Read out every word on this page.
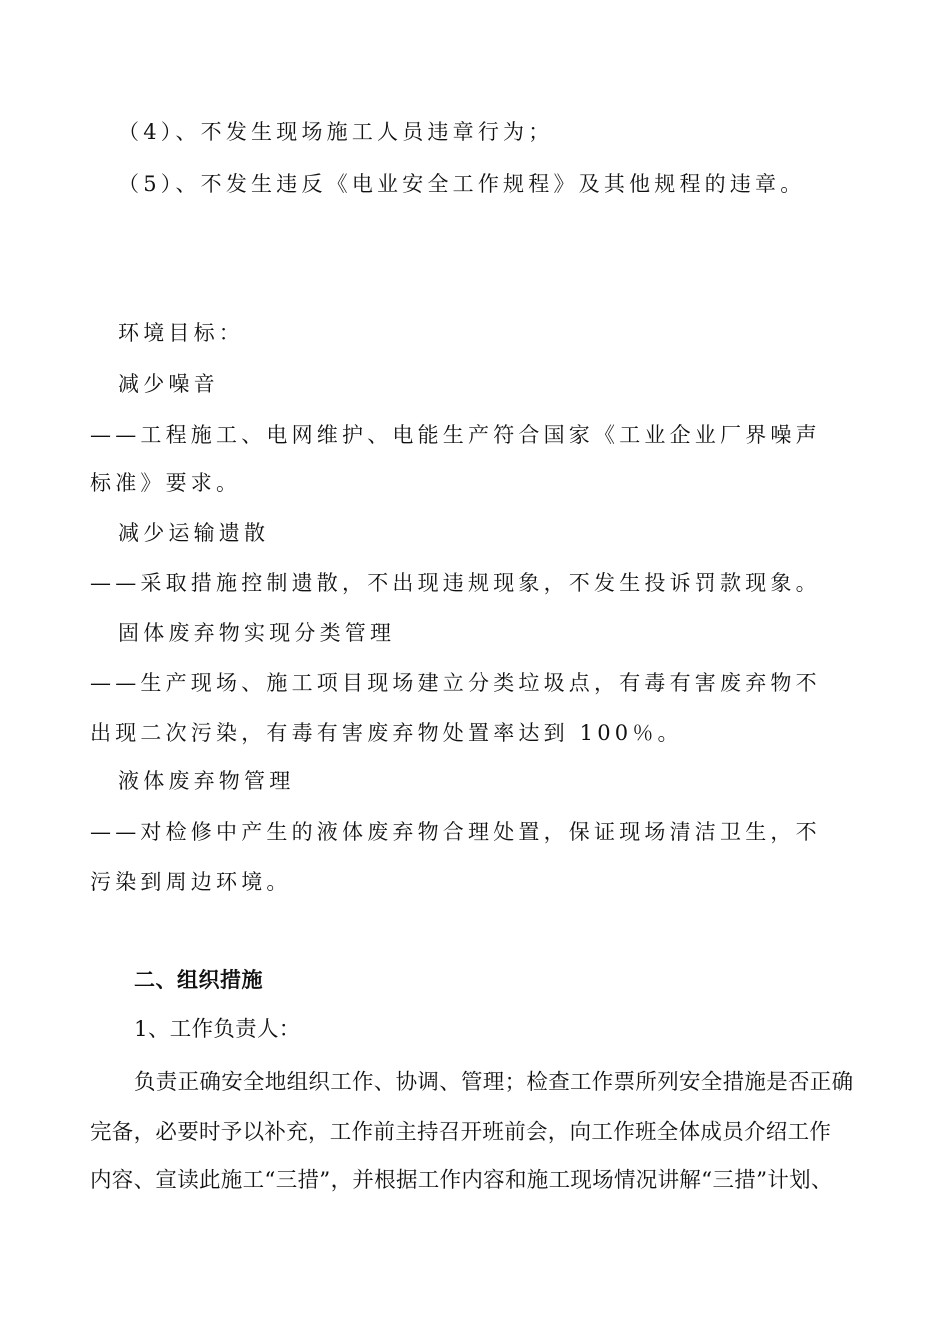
（4）、不发生现场施工人员违章行为；
（5）、不发生违反《电业安全工作规程》及其他规程的违章。
环境目标：
减少噪音
——工程施工、电网维护、电能生产符合国家《工业企业厂界噪声
标准》要求。
减少运输遗散
——采取措施控制遗散，不出现违规现象，不发生投诉罚款现象。
固体废弃物实现分类管理
——生产现场、施工项目现场建立分类垃圾点，有毒有害废弃物不
出现二次污染，有毒有害废弃物处置率达到 100％。
液体废弃物管理
——对检修中产生的液体废弃物合理处置，保证现场清洁卫生，不
污染到周边环境。
二、组织措施
1、工作负责人：
负责正确安全地组织工作、协调、管理；检查工作票所列安全措施是否正确
完备，必要时予以补充，工作前主持召开班前会，向工作班全体成员介绍工作
内容、宣读此施工“三措”，并根据工作内容和施工现场情况讲解“三措”计划、
